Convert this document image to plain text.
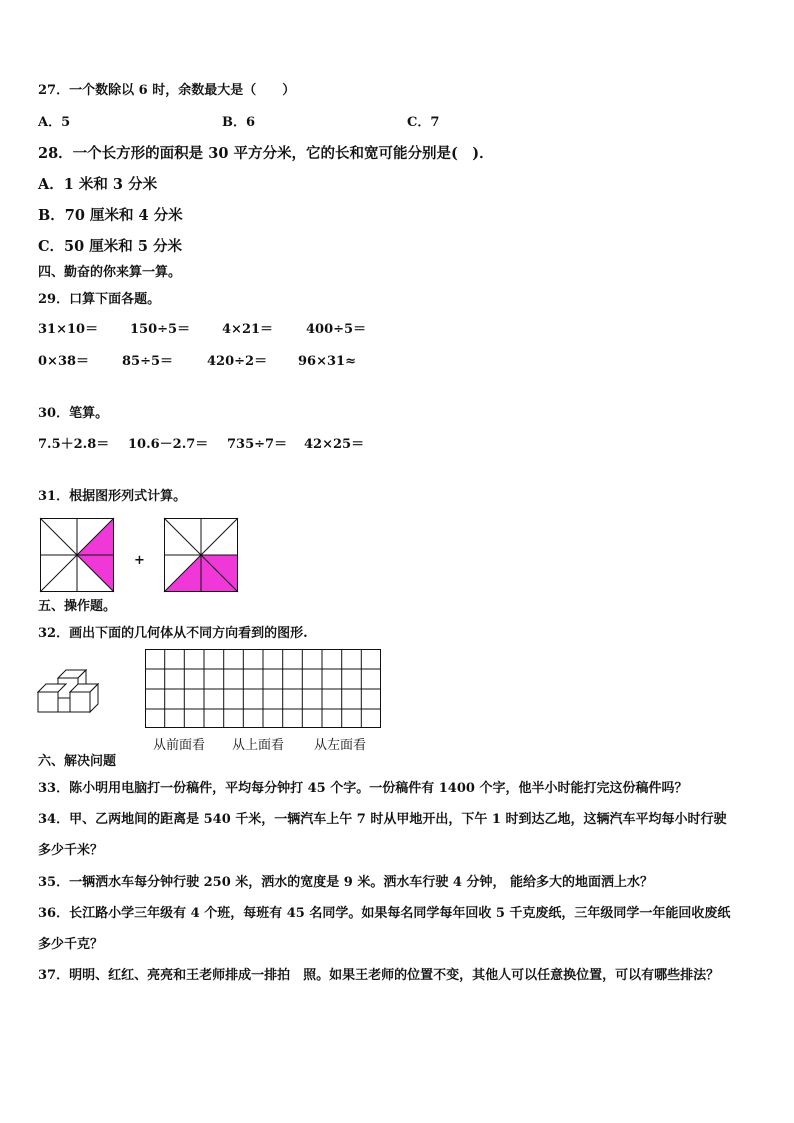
27．一个数除以 6 时，余数最大是（　　）
A．5	B．6	C．7
28．一个长方形的面积是 30 平方分米，它的长和宽可能分别是(　)．
A．1 米和 3 分米
B．70 厘米和 4 分米
C．50 厘米和 5 分米
四、勤奋的你来算一算。
29．口算下面各题。
31×10＝ 150÷5＝ 4×21＝	400÷5＝
0×38＝	85÷5＝	420÷2＝ 96×31≈
30．笔算。
7.5＋2.8＝ 10.6－2.7＝ 735÷7＝ 42×25＝
31．根据图形列式计算。
+
五、操作题。
32．画出下面的几何体从不同方向看到的图形.
从前面看 从上面看 从左面看
六、解决问题
33．陈小明用电脑打一份稿件，平均每分钟打 45 个字。一份稿件有 1400 个字，他半小时能打完这份稿件吗？
34．甲、乙两地间的距离是 540 千米，一辆汽车上午 7 时从甲地开出，下午 1 时到达乙地，这辆汽车平均每小时行驶
多少千米？
35．一辆洒水车每分钟行驶 250 米，洒水的宽度是 9 米。洒水车行驶 4 分钟， 能给多大的地面洒上水？
36．长江路小学三年级有 4 个班，每班有 45 名同学。如果每名同学每年回收 5 千克废纸，三年级同学一年能回收废纸
多少千克？
37．明明、红红、亮亮和王老师排成一排拍　照。如果王老师的位置不变，其他人可以任意换位置，可以有哪些排法？
